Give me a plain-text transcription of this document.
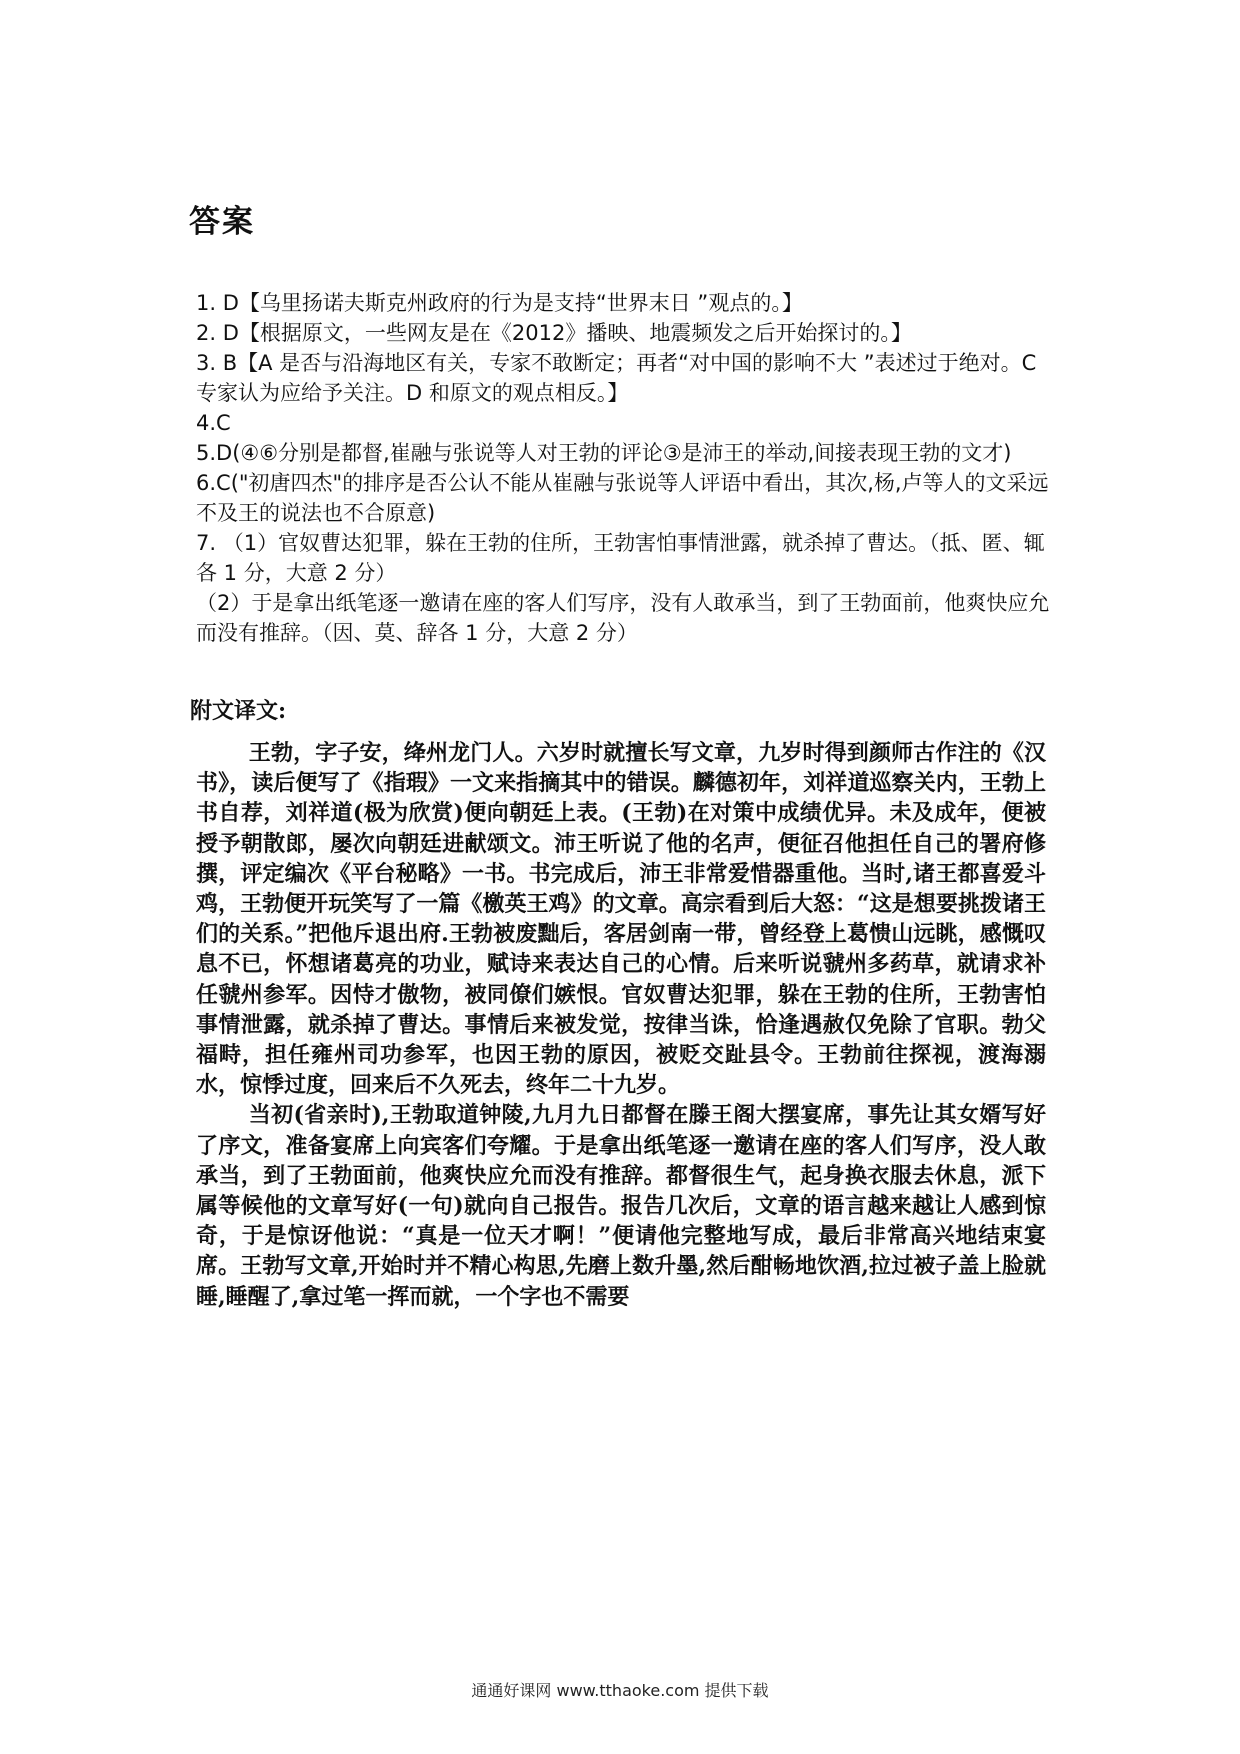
答案
1. D【乌里扬诺夫斯克州政府的行为是支持“世界末日 ”观点的。】
2. D【根据原文，一些网友是在《2012》播映、地震频发之后开始探讨的。】
3. B【A 是否与沿海地区有关，专家不敢断定；再者“对中国的影响不大 ”表述过于绝对。C 专家认为应给予关注。D 和原文的观点相反。】
4.C
5.D(④⑥分别是都督,崔融与张说等人对王勃的评论③是沛王的举动,间接表现王勃的文才)
6.C("初唐四杰"的排序是否公认不能从崔融与张说等人评语中看出，其次,杨,卢等人的文采远不及王的说法也不合原意)
7. （1）官奴曹达犯罪，躲在王勃的住所，王勃害怕事情泄露，就杀掉了曹达。（抵、匿、辄各 1 分，大意 2 分）
（2）于是拿出纸笔逐一邀请在座的客人们写序，没有人敢承当，到了王勃面前，他爽快应允而没有推辞。（因、莫、辞各 1 分，大意 2 分）
附文译文:

王勃，字子安，绛州龙门人。六岁时就擅长写文章，九岁时得到颜师古作注的《汉书》，读后便写了《指瑕》一文来指摘其中的错误。麟德初年，刘祥道巡察关内，王勃上书自荐，刘祥道(极为欣赏)便向朝廷上表。(王勃)在对策中成绩优异。未及成年，便被授予朝散郎，屡次向朝廷进献颂文。沛王听说了他的名声，便征召他担任自己的署府修撰，评定编次《平台秘略》一书。书完成后，沛王非常爱惜器重他。当时,诸王都喜爱斗鸡，王勃便开玩笑写了一篇《檄英王鸡》的文章。高宗看到后大怒：“这是想要挑拨诸王们的关系。”把他斥退出府.王勃被废黜后，客居剑南一带，曾经登上葛愦山远眺，感慨叹息不已，怀想诸葛亮的功业，赋诗来表达自己的心情。后来听说虢州多药草，就请求补任虢州参军。因恃才傲物，被同僚们嫉恨。官奴曹达犯罪，躲在王勃的住所，王勃害怕事情泄露，就杀掉了曹达。事情后来被发觉，按律当诛，恰逢遇赦仅免除了官职。勃父福畤，担任雍州司功参军，也因王勃的原因，被贬交趾县令。王勃前往探视，渡海溺水，惊悸过度，回来后不久死去，终年二十九岁。

当初(省亲时),王勃取道钟陵,九月九日都督在滕王阁大摆宴席，事先让其女婿写好了序文，准备宴席上向宾客们夸耀。于是拿出纸笔逐一邀请在座的客人们写序，没人敢承当，到了王勃面前，他爽快应允而没有推辞。都督很生气，起身换衣服去休息，派下属等候他的文章写好(一句)就向自己报告。报告几次后，文章的语言越来越让人感到惊奇，于是惊讶他说：“真是一位天才啊！”便请他完整地写成，最后非常高兴地结束宴席。王勃写文章,开始时并不精心构思,先磨上数升墨,然后酣畅地饮酒,拉过被子盖上脸就睡,睡醒了,拿过笔一挥而就，一个字也不需要

通通好课网 www.tthaoke.com 提供下载
